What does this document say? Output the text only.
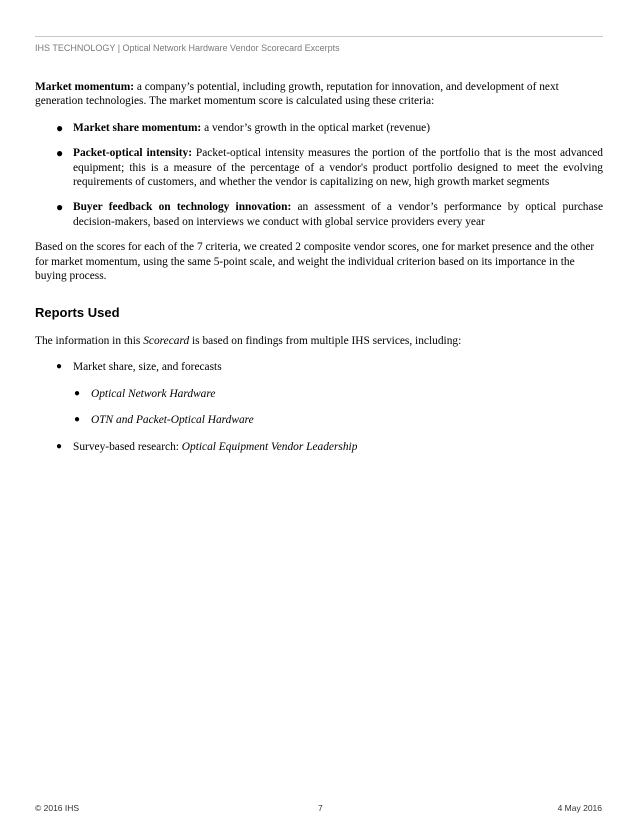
IHS TECHNOLOGY | Optical Network Hardware Vendor Scorecard Excerpts

Market momentum: a company’s potential, including growth, reputation for innovation, and development of next generation technologies. The market momentum score is calculated using these criteria:

● Market share momentum: a vendor’s growth in the optical market (revenue)
● Packet-optical intensity: Packet-optical intensity measures the portion of the portfolio that is the most advanced equipment; this is a measure of the percentage of a vendor's product portfolio designed to meet the evolving requirements of customers, and whether the vendor is capitalizing on new, high growth market segments
● Buyer feedback on technology innovation: an assessment of a vendor’s performance by optical purchase decision-makers, based on interviews we conduct with global service providers every year

Based on the scores for each of the 7 criteria, we created 2 composite vendor scores, one for market presence and the other for market momentum, using the same 5-point scale, and weight the individual criterion based on its importance in the buying process.

Reports Used

The information in this Scorecard is based on findings from multiple IHS services, including:

● Market share, size, and forecasts
● Optical Network Hardware
● OTN and Packet-Optical Hardware
● Survey-based research: Optical Equipment Vendor Leadership
© 2016 IHS	7	4 May 2016
